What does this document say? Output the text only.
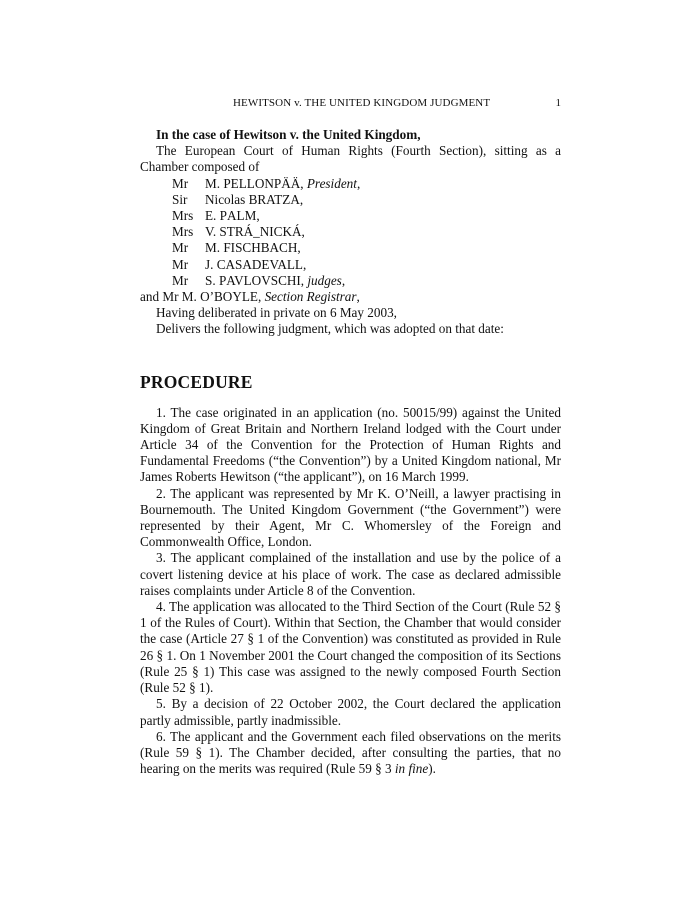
HEWITSON v. THE UNITED KINGDOM JUDGMENT	1

In the case of Hewitson v. the United Kingdom,

The European Court of Human Rights (Fourth Section), sitting as a Chamber composed of

Mr M. PELLONPÄÄ, President,

Sir Nicolas BRATZA,

Mrs E. PALM,

Mrs V. STRÁ_NICKÁ,

Mr M. FISCHBACH,

Mr J. CASADEVALL,

Mr S. PAVLOVSCHI, judges,

and Mr M. O’BOYLE, Section Registrar,

Having deliberated in private on 6 May 2003,

Delivers the following judgment, which was adopted on that date:

PROCEDURE

1. The case originated in an application (no. 50015/99) against the United Kingdom of Great Britain and Northern Ireland lodged with the Court under Article 34 of the Convention for the Protection of Human Rights and Fundamental Freedoms (“the Convention”) by a United Kingdom national, Mr James Roberts Hewitson (“the applicant”), on 16 March 1999.

2. The applicant was represented by Mr K. O’Neill, a lawyer practising in Bournemouth. The United Kingdom Government (“the Government”) were represented by their Agent, Mr C. Whomersley of the Foreign and Commonwealth Office, London.

3. The applicant complained of the installation and use by the police of a covert listening device at his place of work. The case as declared admissible raises complaints under Article 8 of the Convention.

4. The application was allocated to the Third Section of the Court (Rule 52 § 1 of the Rules of Court). Within that Section, the Chamber that would consider the case (Article 27 § 1 of the Convention) was constituted as provided in Rule 26 § 1. On 1 November 2001 the Court changed the composition of its Sections (Rule 25 § 1) This case was assigned to the newly composed Fourth Section (Rule 52 § 1).

5. By a decision of 22 October 2002, the Court declared the application partly admissible, partly inadmissible.

6. The applicant and the Government each filed observations on the merits (Rule 59 § 1). The Chamber decided, after consulting the parties, that no hearing on the merits was required (Rule 59 § 3 in fine).
